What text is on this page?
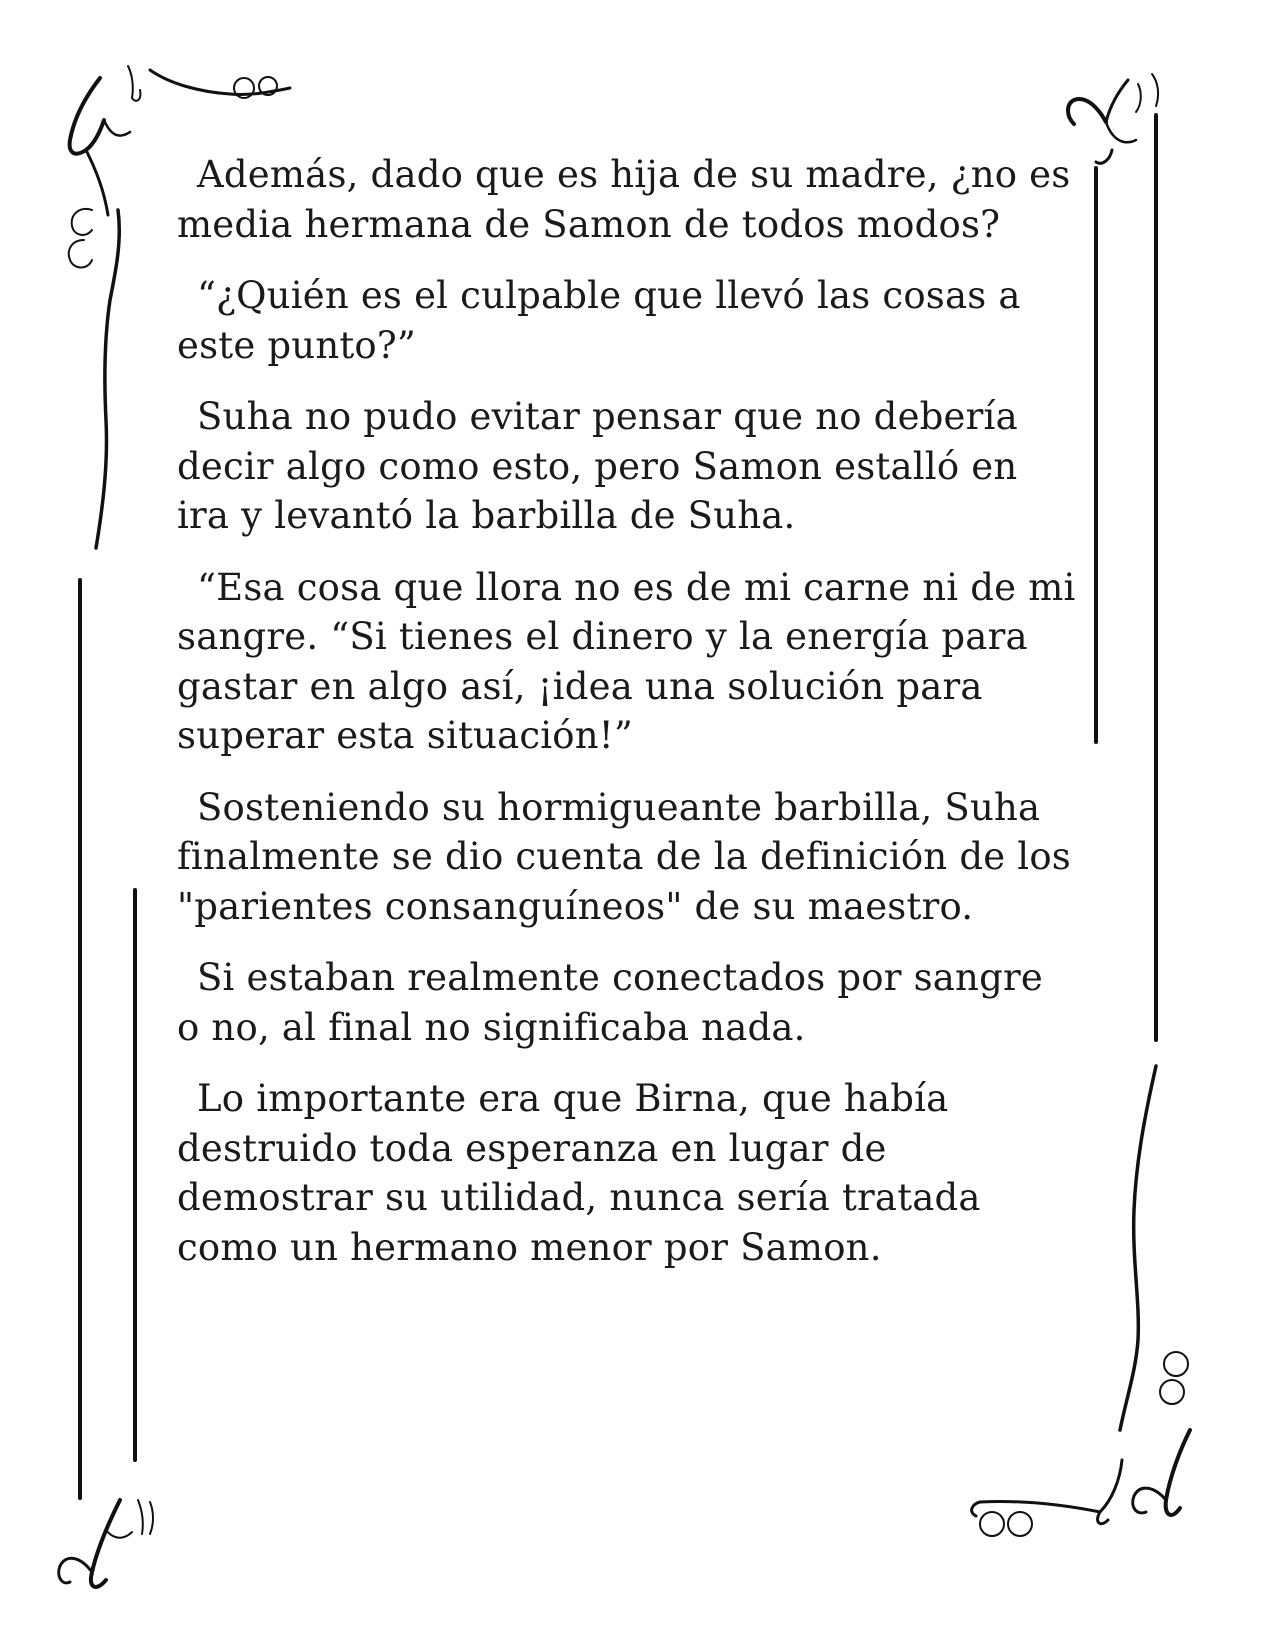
Además, dado que es hija de su madre, ¿no es media hermana de Samon de todos modos?

“¿Quién es el culpable que llevó las cosas a este punto?”

Suha no pudo evitar pensar que no debería decir algo como esto, pero Samon estalló en ira y levantó la barbilla de Suha.

“Esa cosa que llora no es de mi carne ni de mi sangre. “Si tienes el dinero y la energía para gastar en algo así, ¡idea una solución para superar esta situación!”

Sosteniendo su hormigueante barbilla, Suha finalmente se dio cuenta de la definición de los "parientes consanguíneos" de su maestro.

Si estaban realmente conectados por sangre o no, al final no significaba nada.

Lo importante era que Birna, que había destruido toda esperanza en lugar de demostrar su utilidad, nunca sería tratada como un hermano menor por Samon.
